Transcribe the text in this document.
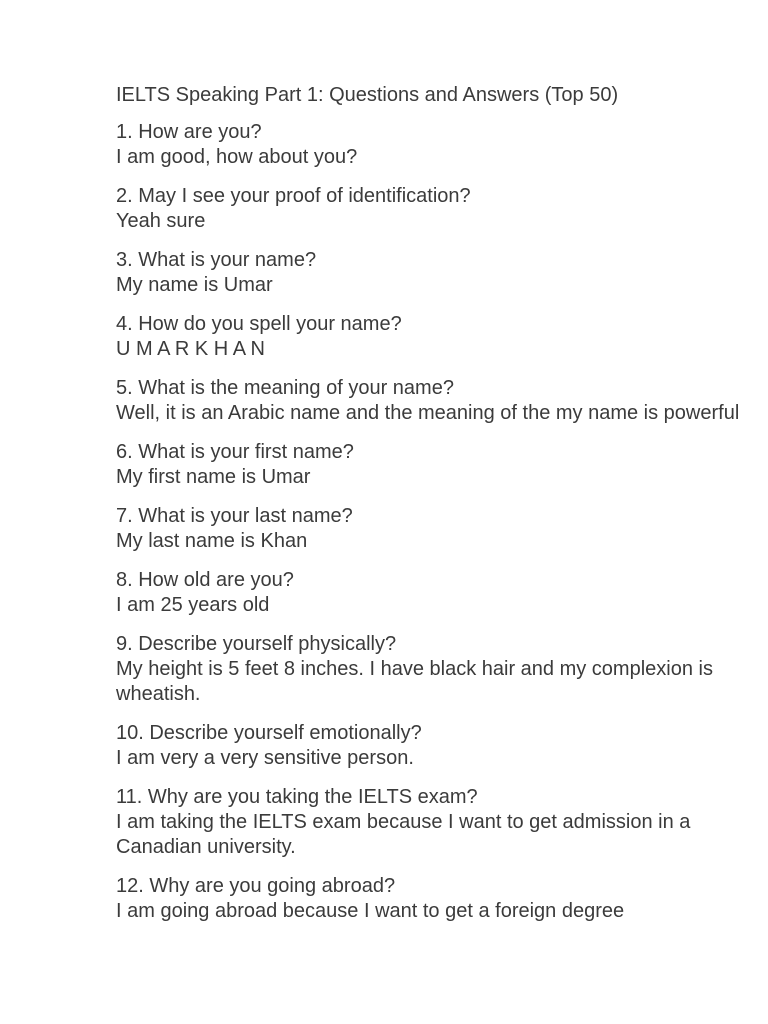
IELTS Speaking Part 1: Questions and Answers (Top 50)
1. How are you?
I am good, how about you?
2. May I see your proof of identification?
Yeah sure
3. What is your name?
My name is Umar
4. How do you spell your name?
U M A R K H A N
5. What is the meaning of your name?
Well, it is an Arabic name and the meaning of the my name is powerful
6. What is your first name?
My first name is Umar
7. What is your last name?
My last name is Khan
8. How old are you?
I am 25 years old
9. Describe yourself physically?
My height is 5 feet 8 inches. I have black hair and my complexion is wheatish.
10. Describe yourself emotionally?
I am very a very sensitive person.
11. Why are you taking the IELTS exam?
I am taking the IELTS exam because I want to get admission in a Canadian university.
12. Why are you going abroad?
I am going abroad because I want to get a foreign degree
